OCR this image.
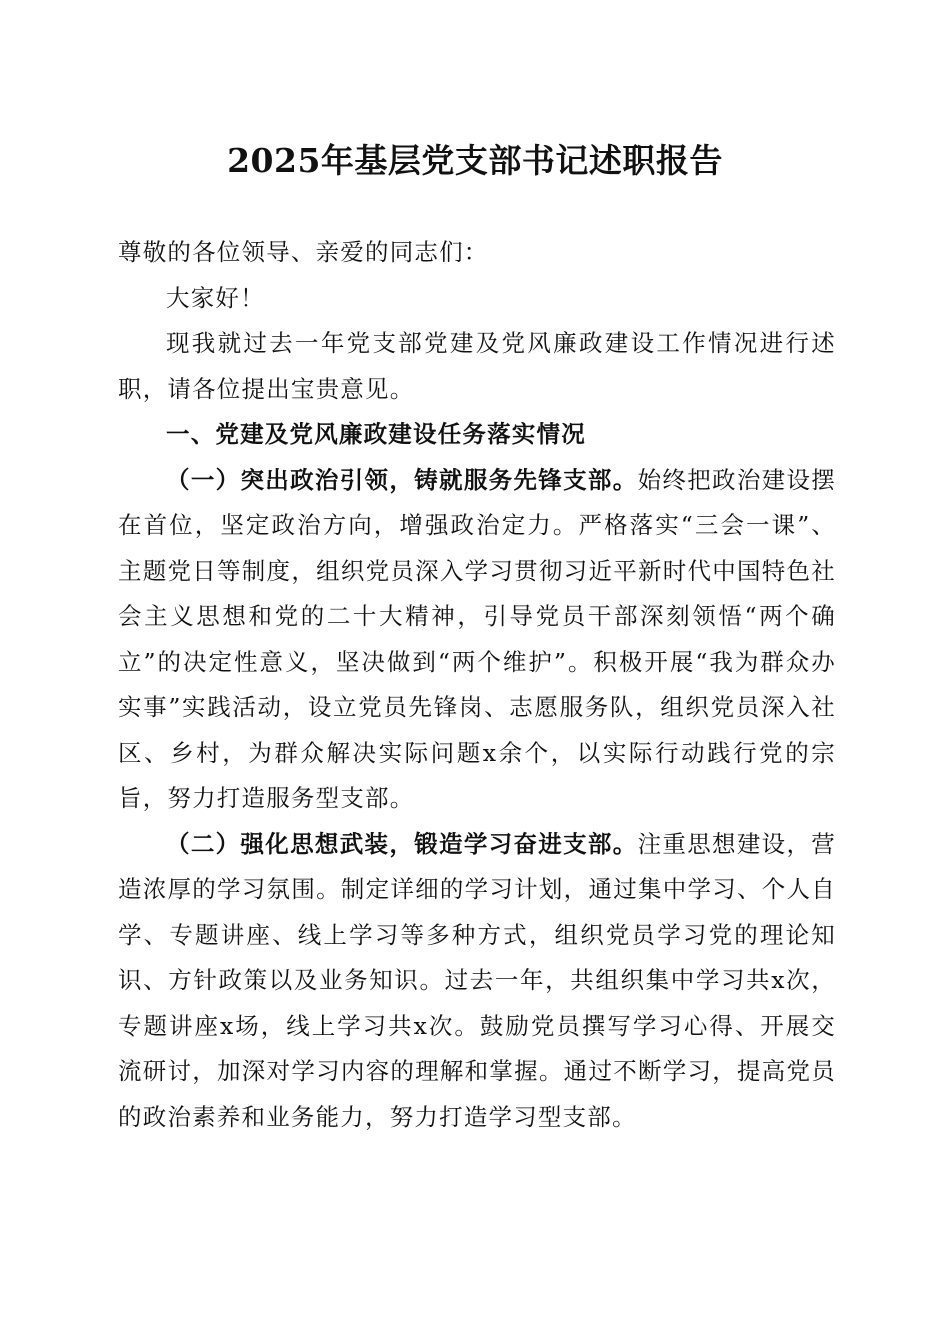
2025年基层党支部书记述职报告

尊敬的各位领导、亲爱的同志们：

大家好！

现我就过去一年党支部党建及党风廉政建设工作情况进行述职，请各位提出宝贵意见。

一、党建及党风廉政建设任务落实情况

（一）突出政治引领，铸就服务先锋支部。始终把政治建设摆在首位，坚定政治方向，增强政治定力。严格落实“三会一课”、主题党日等制度，组织党员深入学习贯彻习近平新时代中国特色社会主义思想和党的二十大精神，引导党员干部深刻领悟“两个确立”的决定性意义，坚决做到“两个维护”。积极开展“我为群众办实事”实践活动，设立党员先锋岗、志愿服务队，组织党员深入社区、乡村，为群众解决实际问题x余个，以实际行动践行党的宗旨，努力打造服务型支部。

（二）强化思想武装，锻造学习奋进支部。注重思想建设，营造浓厚的学习氛围。制定详细的学习计划，通过集中学习、个人自学、专题讲座、线上学习等多种方式，组织党员学习党的理论知识、方针政策以及业务知识。过去一年，共组织集中学习共x次，专题讲座x场，线上学习共x次。鼓励党员撰写学习心得、开展交流研讨，加深对学习内容的理解和掌握。通过不断学习，提高党员的政治素养和业务能力，努力打造学习型支部。
